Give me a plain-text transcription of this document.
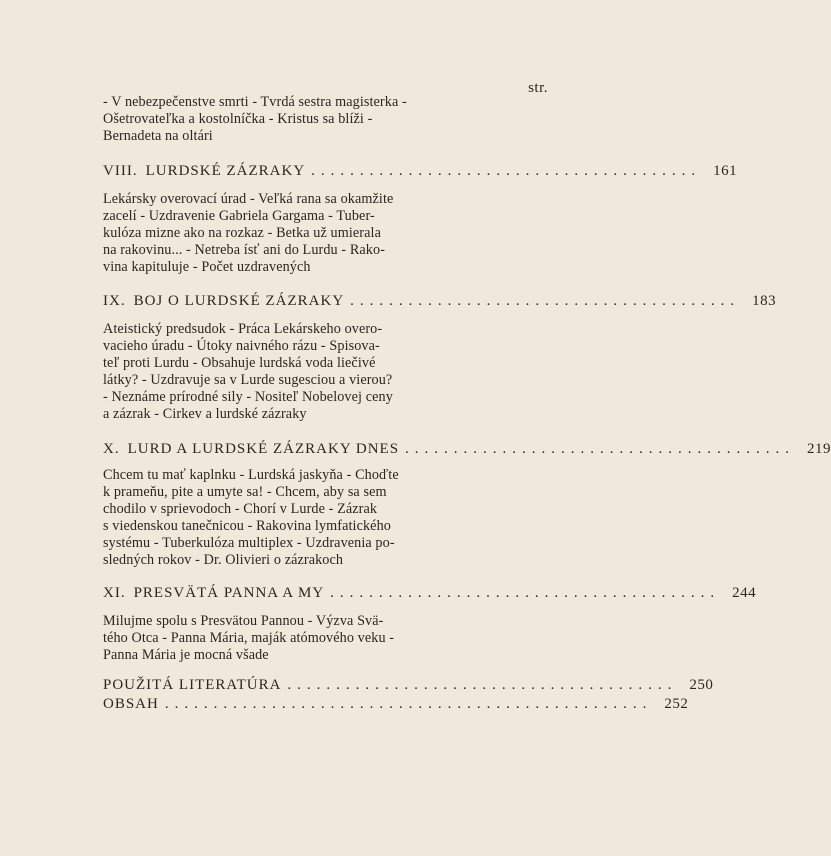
str.
- V nebezpečenstve smrti - Tvrdá sestra magisterka -
Ošetrovateľka a kostolníčka - Kristus sa blíži -
Bernadeta na oltári
VIII. LURDSKÉ ZÁZRAKY ........................................ 161
Lekársky overovací úrad - Veľká rana sa okamžite
zacelí - Uzdravenie Gabriela Gargama - Tuber-
kulóza mizne ako na rozkaz - Betka už umierala
na rakovinu... - Netreba ísť ani do Lurdu - Rako-
vina kapituluje - Počet uzdravených
IX. BOJ O LURDSKÉ ZÁZRAKY ........................................ 183
Ateistický predsudok - Práca Lekárskeho overo-
vacieho úradu - Útoky naivného rázu - Spisova-
teľ proti Lurdu - Obsahuje lurdská voda liečivé
látky? - Uzdravuje sa v Lurde sugesciou a vierou?
- Neznáme prírodné sily - Nositeľ Nobelovej ceny
a zázrak - Cirkev a lurdské zázraky
X. LURD A LURDSKÉ ZÁZRAKY DNES ........................................ 219
Chcem tu mať kaplnku - Lurdská jaskyňa - Choďte
k prameňu, pite a umyte sa! - Chcem, aby sa sem
chodilo v sprievodoch - Chorí v Lurde - Zázrak
s viedenskou tanečnicou - Rakovina lymfatického
systému - Tuberkulóza multiplex - Uzdravenia po-
sledných rokov - Dr. Olivieri o zázrakoch
XI. PRESVÄTÁ PANNA A MY ........................................ 244
Milujme spolu s Presvätou Pannou - Výzva Svä-
tého Otca - Panna Mária, maják atómového veku -
Panna Mária je mocná všade
POUŽITÁ LITERATÚRA ........................................ 250
OBSAH .................................................. 252
